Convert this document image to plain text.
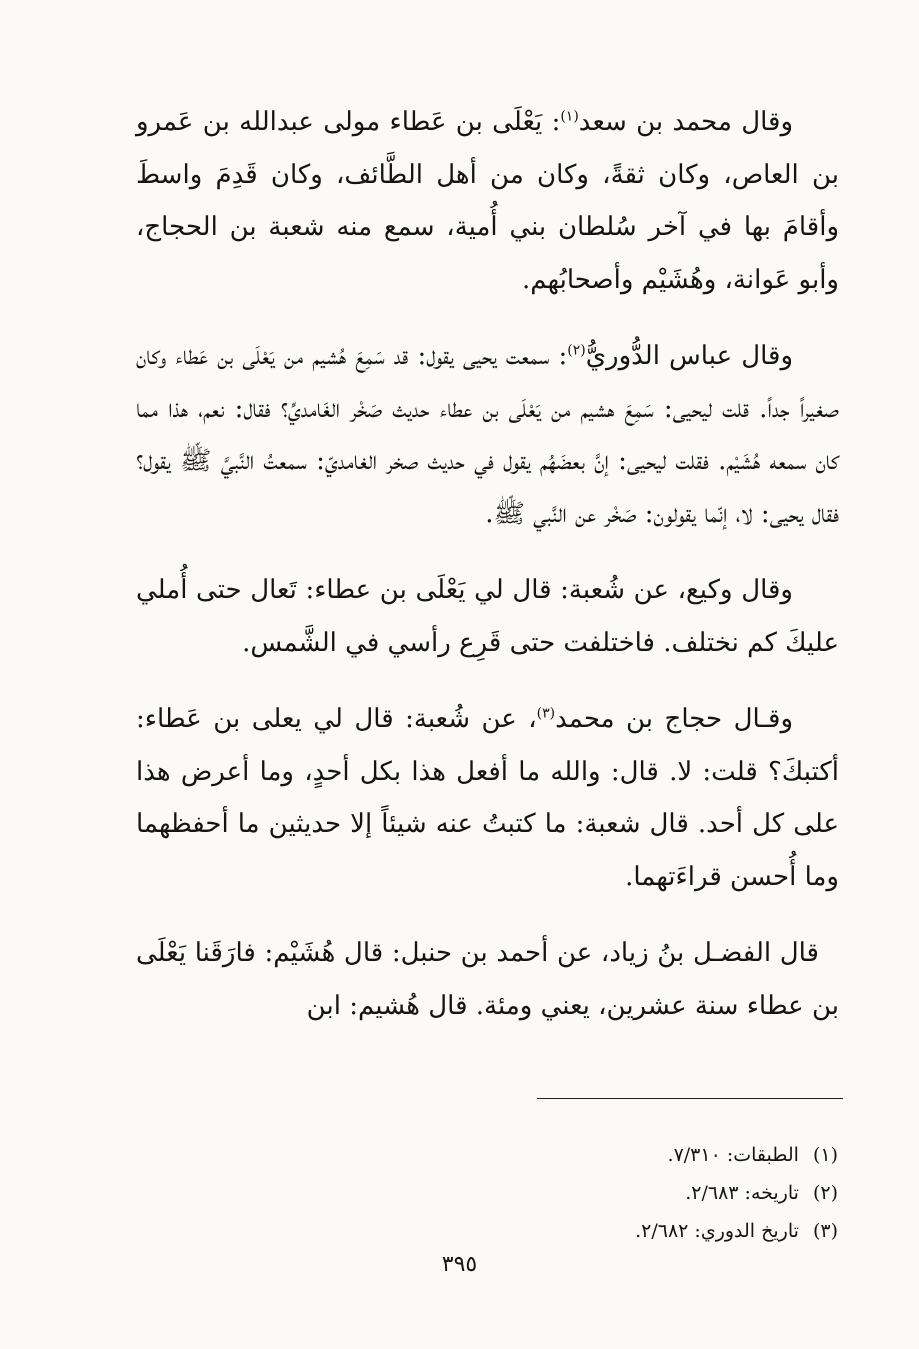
وقال محمد بن سعد$^{(١)}$: يَعْلَى بن عَطاء مولى عبدالله بن عَمرو بن العاص، وكان ثقةً، وكان من أهل الطَّائف، وكان قَدِمَ واسطَ وأقامَ بها في آخر سُلطان بني أُمية، سمع منه شعبة بن الحجاج، وأبو عَوانة، وهُشَيْم وأصحابُهم.

وقال عباس الدُّوريُّ$^{(٢)}$: سمعت يحيى يقول: قد سَمِعَ هُشيم من يَعْلَى بن عَطاء وكان صغيراً جداً. قلت ليحيى: سَمِعَ هشيم من يَعْلَى بن عطاء حديث صَخْر الغَامديِّ؟ فقال: نعم، هذا مما كان سمعه هُشَيْم. فقلت ليحيى: إنَّ بعضَهُم يقول في حديث صخر الغامديّ: سمعتُ النَّبيَّ ﷺ يقول؟ فقال يحيى: لا، إنّما يقولون: صَخْر عن النَّبي ﷺ.

وقال وكيع، عن شُعبة: قال لي يَعْلَى بن عطاء: تَعال حتى أُملي عليكَ كم نختلف. فاختلفت حتى قَرِع رأسي في الشَّمس.

وقـال حجاج بن محمد$^{(٣)}$، عن شُعبة: قال لي يعلى بن عَطاء: أكتبكَ؟ قلت: لا. قال: والله ما أفعل هذا بكل أحدٍ، وما أعرض هذا على كل أحد. قال شعبة: ما كتبتُ عنه شيئاً إلا حديثين ما أحفظهما وما أُحسن قراءَتهما.

قال الفضـل بنُ زياد، عن أحمد بن حنبل: قال هُشَيْم: فارَقَنا يَعْلَى بن عطاء سنة عشرين، يعني ومئة. قال هُشيم: ابن

(١)الطبقات: ٧/٣١٠.

(٢)تاريخه: ٢/٦٨٣.

(٣)تاريخ الدوري: ٢/٦٨٢.

٣٩٥
